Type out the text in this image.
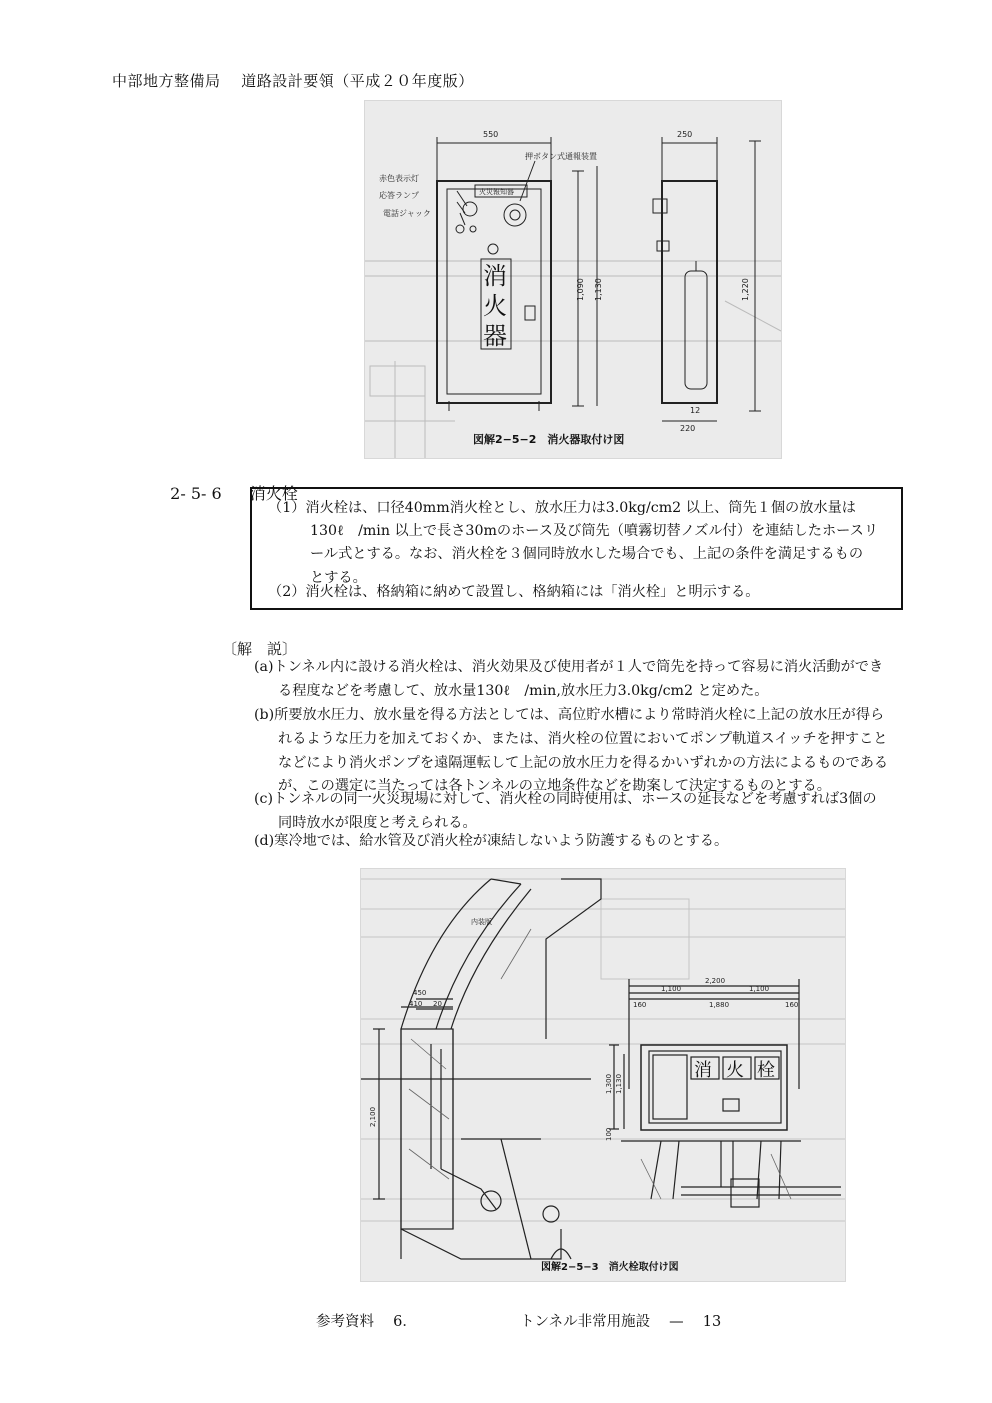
中部地方整備局　 道路設計要領（平成２０年度版）
550	250
押ボタン式通報装置
赤色表示灯
応答ランプ
電話ジャック
火災報知器
1,090 1,130	1,220
12
220
消
火
器
図解2−5−2　消火器取付け図

2‐ 5‐ 6 消火栓

（1）消火栓は、口径40mm消火栓とし、放水圧力は3.0kg/cm2 以上、筒先１個の放水量は
130ℓ　/min 以上で長さ30mのホース及び筒先（噴霧切替ノズル付）を連結したホースリ
ール式とする。なお、消火栓を３個同時放水した場合でも、上記の条件を満足するもの
とする。
（2）消火栓は、格納箱に納めて設置し、格納箱には「消火栓」と明示する。
〔解　説〕
(a)トンネル内に設ける消火栓は、消火効果及び使用者が１人で筒先を持って容易に消火活動ができ
る程度などを考慮して、放水量130ℓ　/min,放水圧力3.0kg/cm2 と定めた。
(b)所要放水圧力、放水量を得る方法としては、高位貯水槽により常時消火栓に上記の放水圧が得ら
れるような圧力を加えておくか、または、消火栓の位置においてポンプ軌道スイッチを押すこと
などにより消火ポンプを遠隔運転して上記の放水圧力を得るかいずれかの方法によるものである
が、この選定に当たっては各トンネルの立地条件などを勘案して決定するものとする。
(c)トンネルの同一火災現場に対して、消火栓の同時使用は、ホースの延長などを考慮すれば3個の
同時放水が限度と考えられる。
(d)寒冷地では、給水管及び消火栓が凍結しないよう防護するものとする。
内装版
450
410 20
2,100
2,200
1,100	1,100
1,880
160	160
1,300 1,130
100
消 火 栓
図解2−5−3　消火栓取付け図
参考資料　 6．	トンネル非常用施設　 —　 13
